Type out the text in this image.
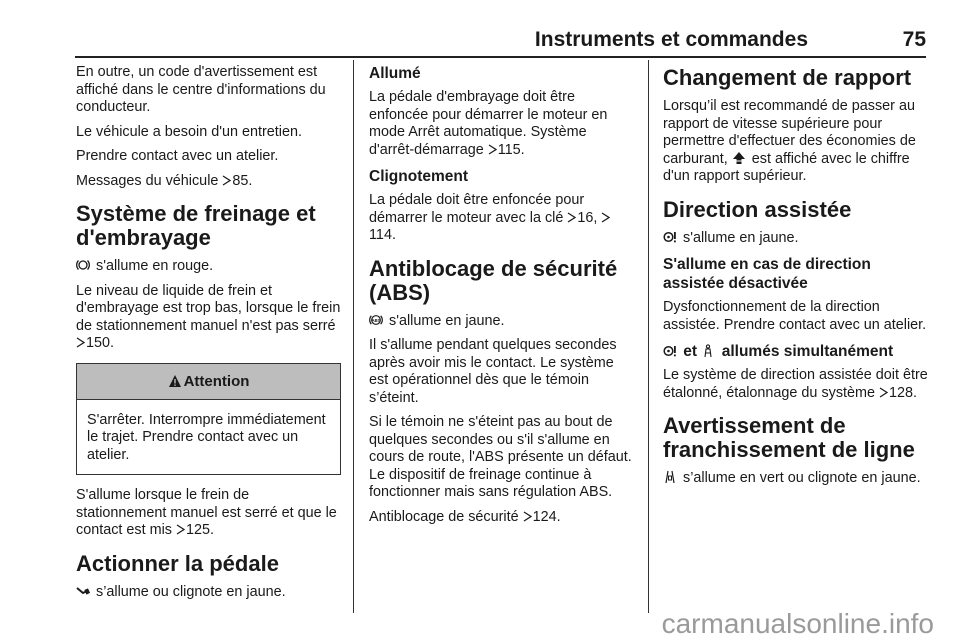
Instruments et commandes	75

En outre, un code d'avertissement est affiché dans le centre d'informations du conducteur.

Le véhicule a besoin d'un entretien.

Prendre contact avec un atelier.

Messages du véhicule 85.

Système de freinage et d'embrayage

s'allume en rouge.

Le niveau de liquide de frein et d'embrayage est trop bas, lorsque le frein de stationnement manuel n'est pas serré 150.

Attention

S'arrêter. Interrompre immédiatement le trajet. Prendre contact avec un atelier.

S'allume lorsque le frein de stationnement manuel est serré et que le contact est mis 125.

Actionner la pédale

s’allume ou clignote en jaune.

Allumé

La pédale d'embrayage doit être enfoncée pour démarrer le moteur en mode Arrêt automatique. Système d'arrêt-démarrage 115.

Clignotement

La pédale doit être enfoncée pour démarrer le moteur avec la clé 16, 114.

Antiblocage de sécurité (ABS)

ABS s'allume en jaune.

Il s'allume pendant quelques secondes après avoir mis le contact. Le système est opérationnel dès que le témoin s’éteint.

Si le témoin ne s'éteint pas au bout de quelques secondes ou s'il s'allume en cours de route, l'ABS présente un défaut. Le dispositif de freinage continue à fonctionner mais sans régulation ABS.

Antiblocage de sécurité 124.

Changement de rapport

Lorsqu’il est recommandé de passer au rapport de vitesse supérieure pour permettre d'effectuer des économies de carburant,  est affiché avec le chiffre d'un rapport supérieur.

Direction assistée

s'allume en jaune.

S'allume en cas de direction assistée désactivée

Dysfonctionnement de la direction assistée. Prendre contact avec un atelier.

et  allumés simultanément

Le système de direction assistée doit être étalonné, étalonnage du système 128.

Avertissement de franchissement de ligne

s’allume en vert ou clignote en jaune.

carmanualsonline.info
